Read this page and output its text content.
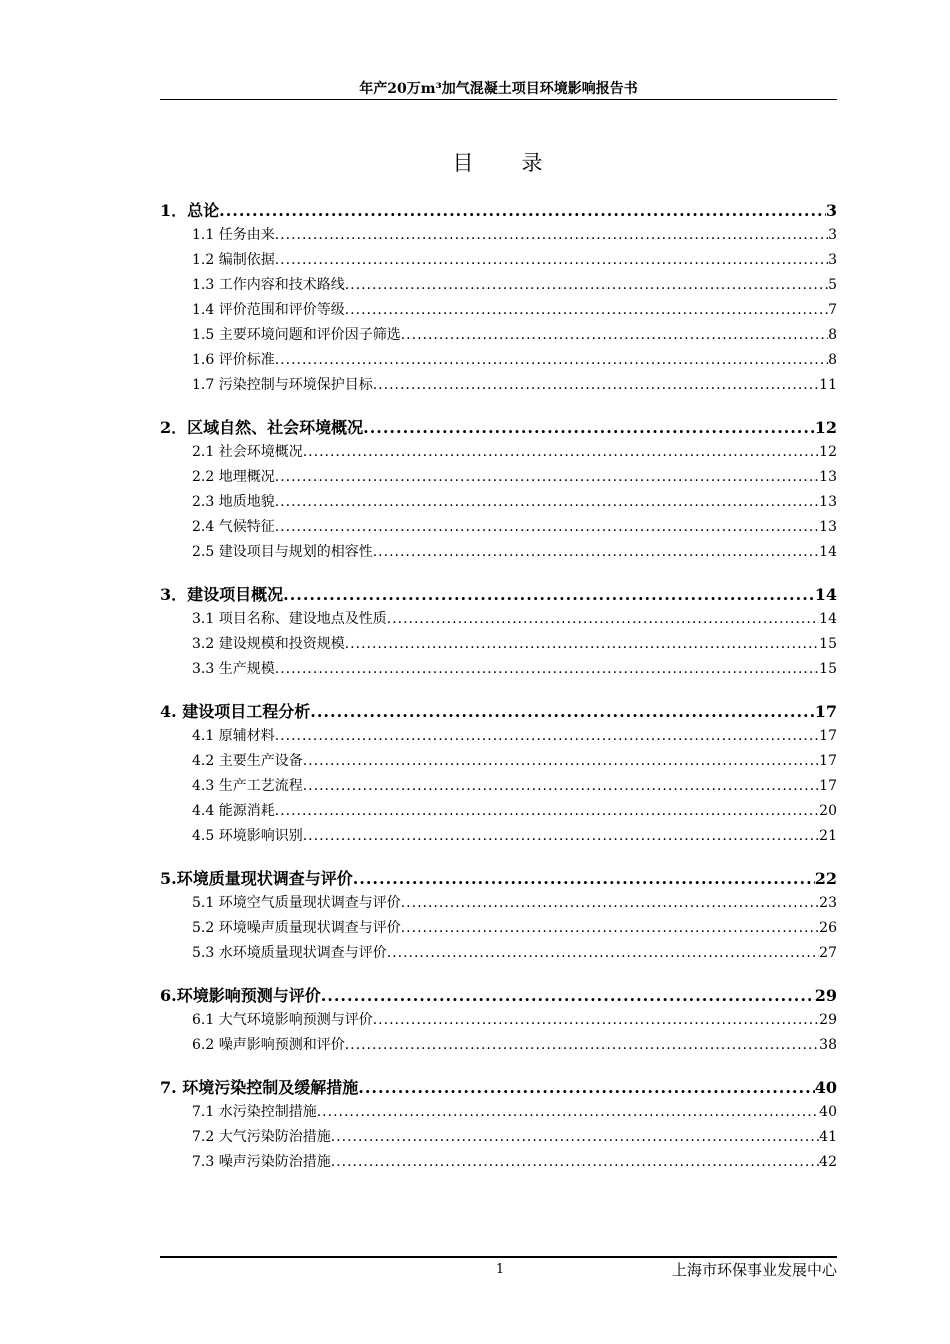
年产20万m³加气混凝土项目环境影响报告书
目　　录
1．总论 .....	3
1.1 任务由来 .....	3
1.2 编制依据 .....	3
1.3 工作内容和技术路线 .....	5
1.4 评价范围和评价等级 .....	7
1.5 主要环境问题和评价因子筛选 .....	8
1.6 评价标准 .....	8
1.7 污染控制与环境保护目标 .....	11
2．区域自然、社会环境概况 .....	12
2.1 社会环境概况 .....	12
2.2 地理概况 .....	13
2.3 地质地貌 .....	13
2.4 气候特征 .....	13
2.5 建设项目与规划的相容性 .....	14
3．建设项目概况 .....	14
3.1 项目名称、建设地点及性质 .....	14
3.2 建设规模和投资规模 .....	15
3.3 生产规模 .....	15
4. 建设项目工程分析 .....	17
4.1 原辅材料 .....	17
4.2 主要生产设备 .....	17
4.3 生产工艺流程 .....	17
4.4 能源消耗 .....	20
4.5 环境影响识别 .....	21
5.环境质量现状调查与评价 .....	22
5.1 环境空气质量现状调查与评价 .....	23
5.2 环境噪声质量现状调查与评价 .....	26
5.3 水环境质量现状调查与评价 .....	27
6.环境影响预测与评价 .....	29
6.1 大气环境影响预测与评价 .....	29
6.2 噪声影响预测和评价 .....	38
7. 环境污染控制及缓解措施 .....	40
7.1 水污染控制措施 .....	40
7.2 大气污染防治措施 .....	41
7.3 噪声污染防治措施 .....	42
1	上海市环保事业发展中心
